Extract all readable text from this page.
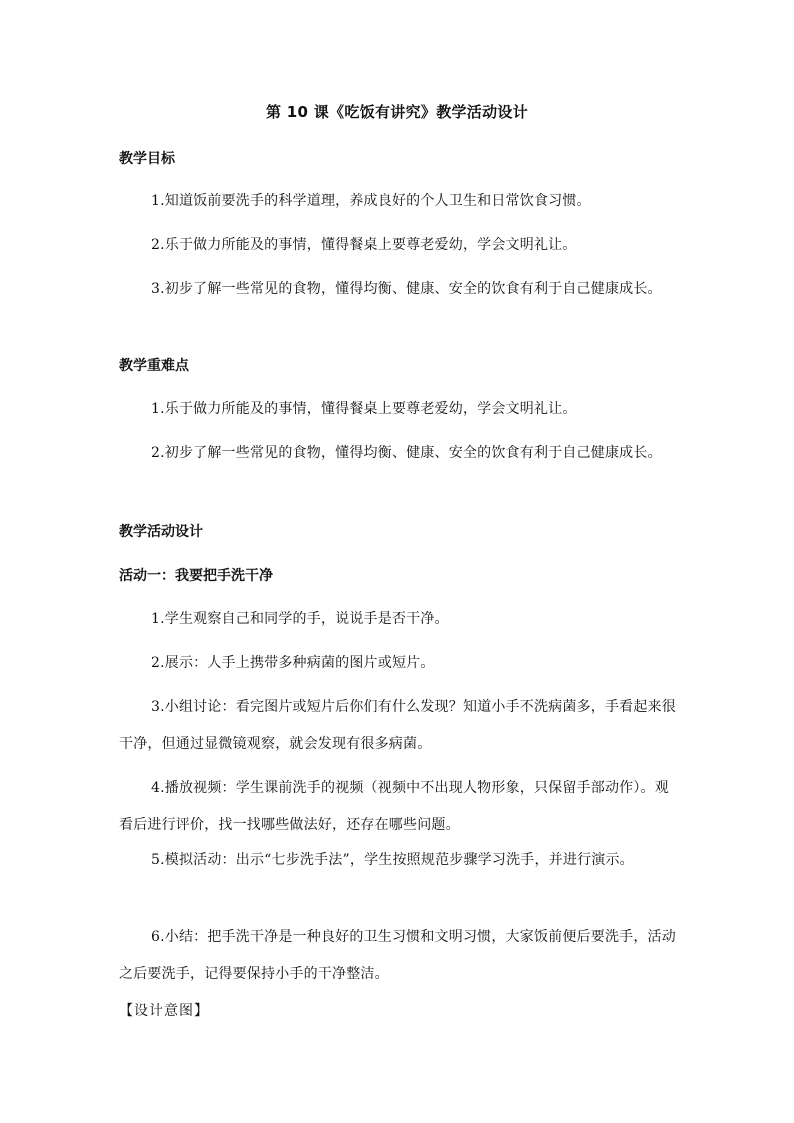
第 10 课《吃饭有讲究》教学活动设计
教学目标
1.知道饭前要洗手的科学道理，养成良好的个人卫生和日常饮食习惯。
2.乐于做力所能及的事情，懂得餐桌上要尊老爱幼，学会文明礼让。
3.初步了解一些常见的食物，懂得均衡、健康、安全的饮食有利于自己健康成长。
教学重难点
1.乐于做力所能及的事情，懂得餐桌上要尊老爱幼，学会文明礼让。
2.初步了解一些常见的食物，懂得均衡、健康、安全的饮食有利于自己健康成长。
教学活动设计
活动一：我要把手洗干净
1.学生观察自己和同学的手，说说手是否干净。
2.展示：人手上携带多种病菌的图片或短片。
3.小组讨论：看完图片或短片后你们有什么发现？知道小手不洗病菌多，手看起来很干净，但通过显微镜观察，就会发现有很多病菌。
4.播放视频：学生课前洗手的视频（视频中不出现人物形象，只保留手部动作）。观看后进行评价，找一找哪些做法好，还存在哪些问题。
5.模拟活动：出示“七步洗手法”，学生按照规范步骤学习洗手，并进行演示。
6.小结：把手洗干净是一种良好的卫生习惯和文明习惯，大家饭前便后要洗手，活动之后要洗手，记得要保持小手的干净整洁。
【设计意图】
